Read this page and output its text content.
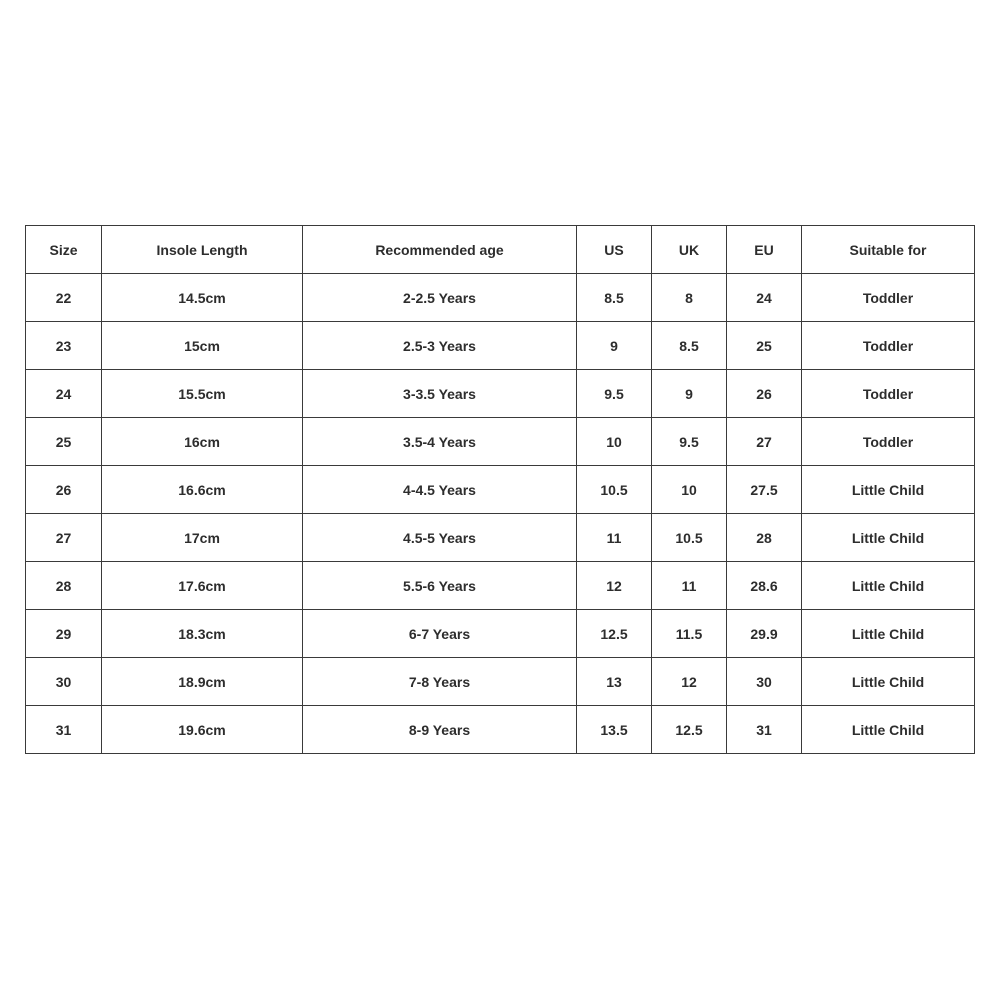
Size	Insole Length	Recommended age	US	UK	EU	Suitable for
22	14.5cm	2-2.5 Years	8.5	8	24	Toddler
23	15cm	2.5-3 Years	9	8.5	25	Toddler
24	15.5cm	3-3.5 Years	9.5	9	26	Toddler
25	16cm	3.5-4 Years	10	9.5	27	Toddler
26	16.6cm	4-4.5 Years	10.5	10	27.5	Little Child
27	17cm	4.5-5 Years	11	10.5	28	Little Child
28	17.6cm	5.5-6 Years	12	11	28.6	Little Child
29	18.3cm	6-7 Years	12.5	11.5	29.9	Little Child
30	18.9cm	7-8 Years	13	12	30	Little Child
31	19.6cm	8-9 Years	13.5	12.5	31	Little Child
